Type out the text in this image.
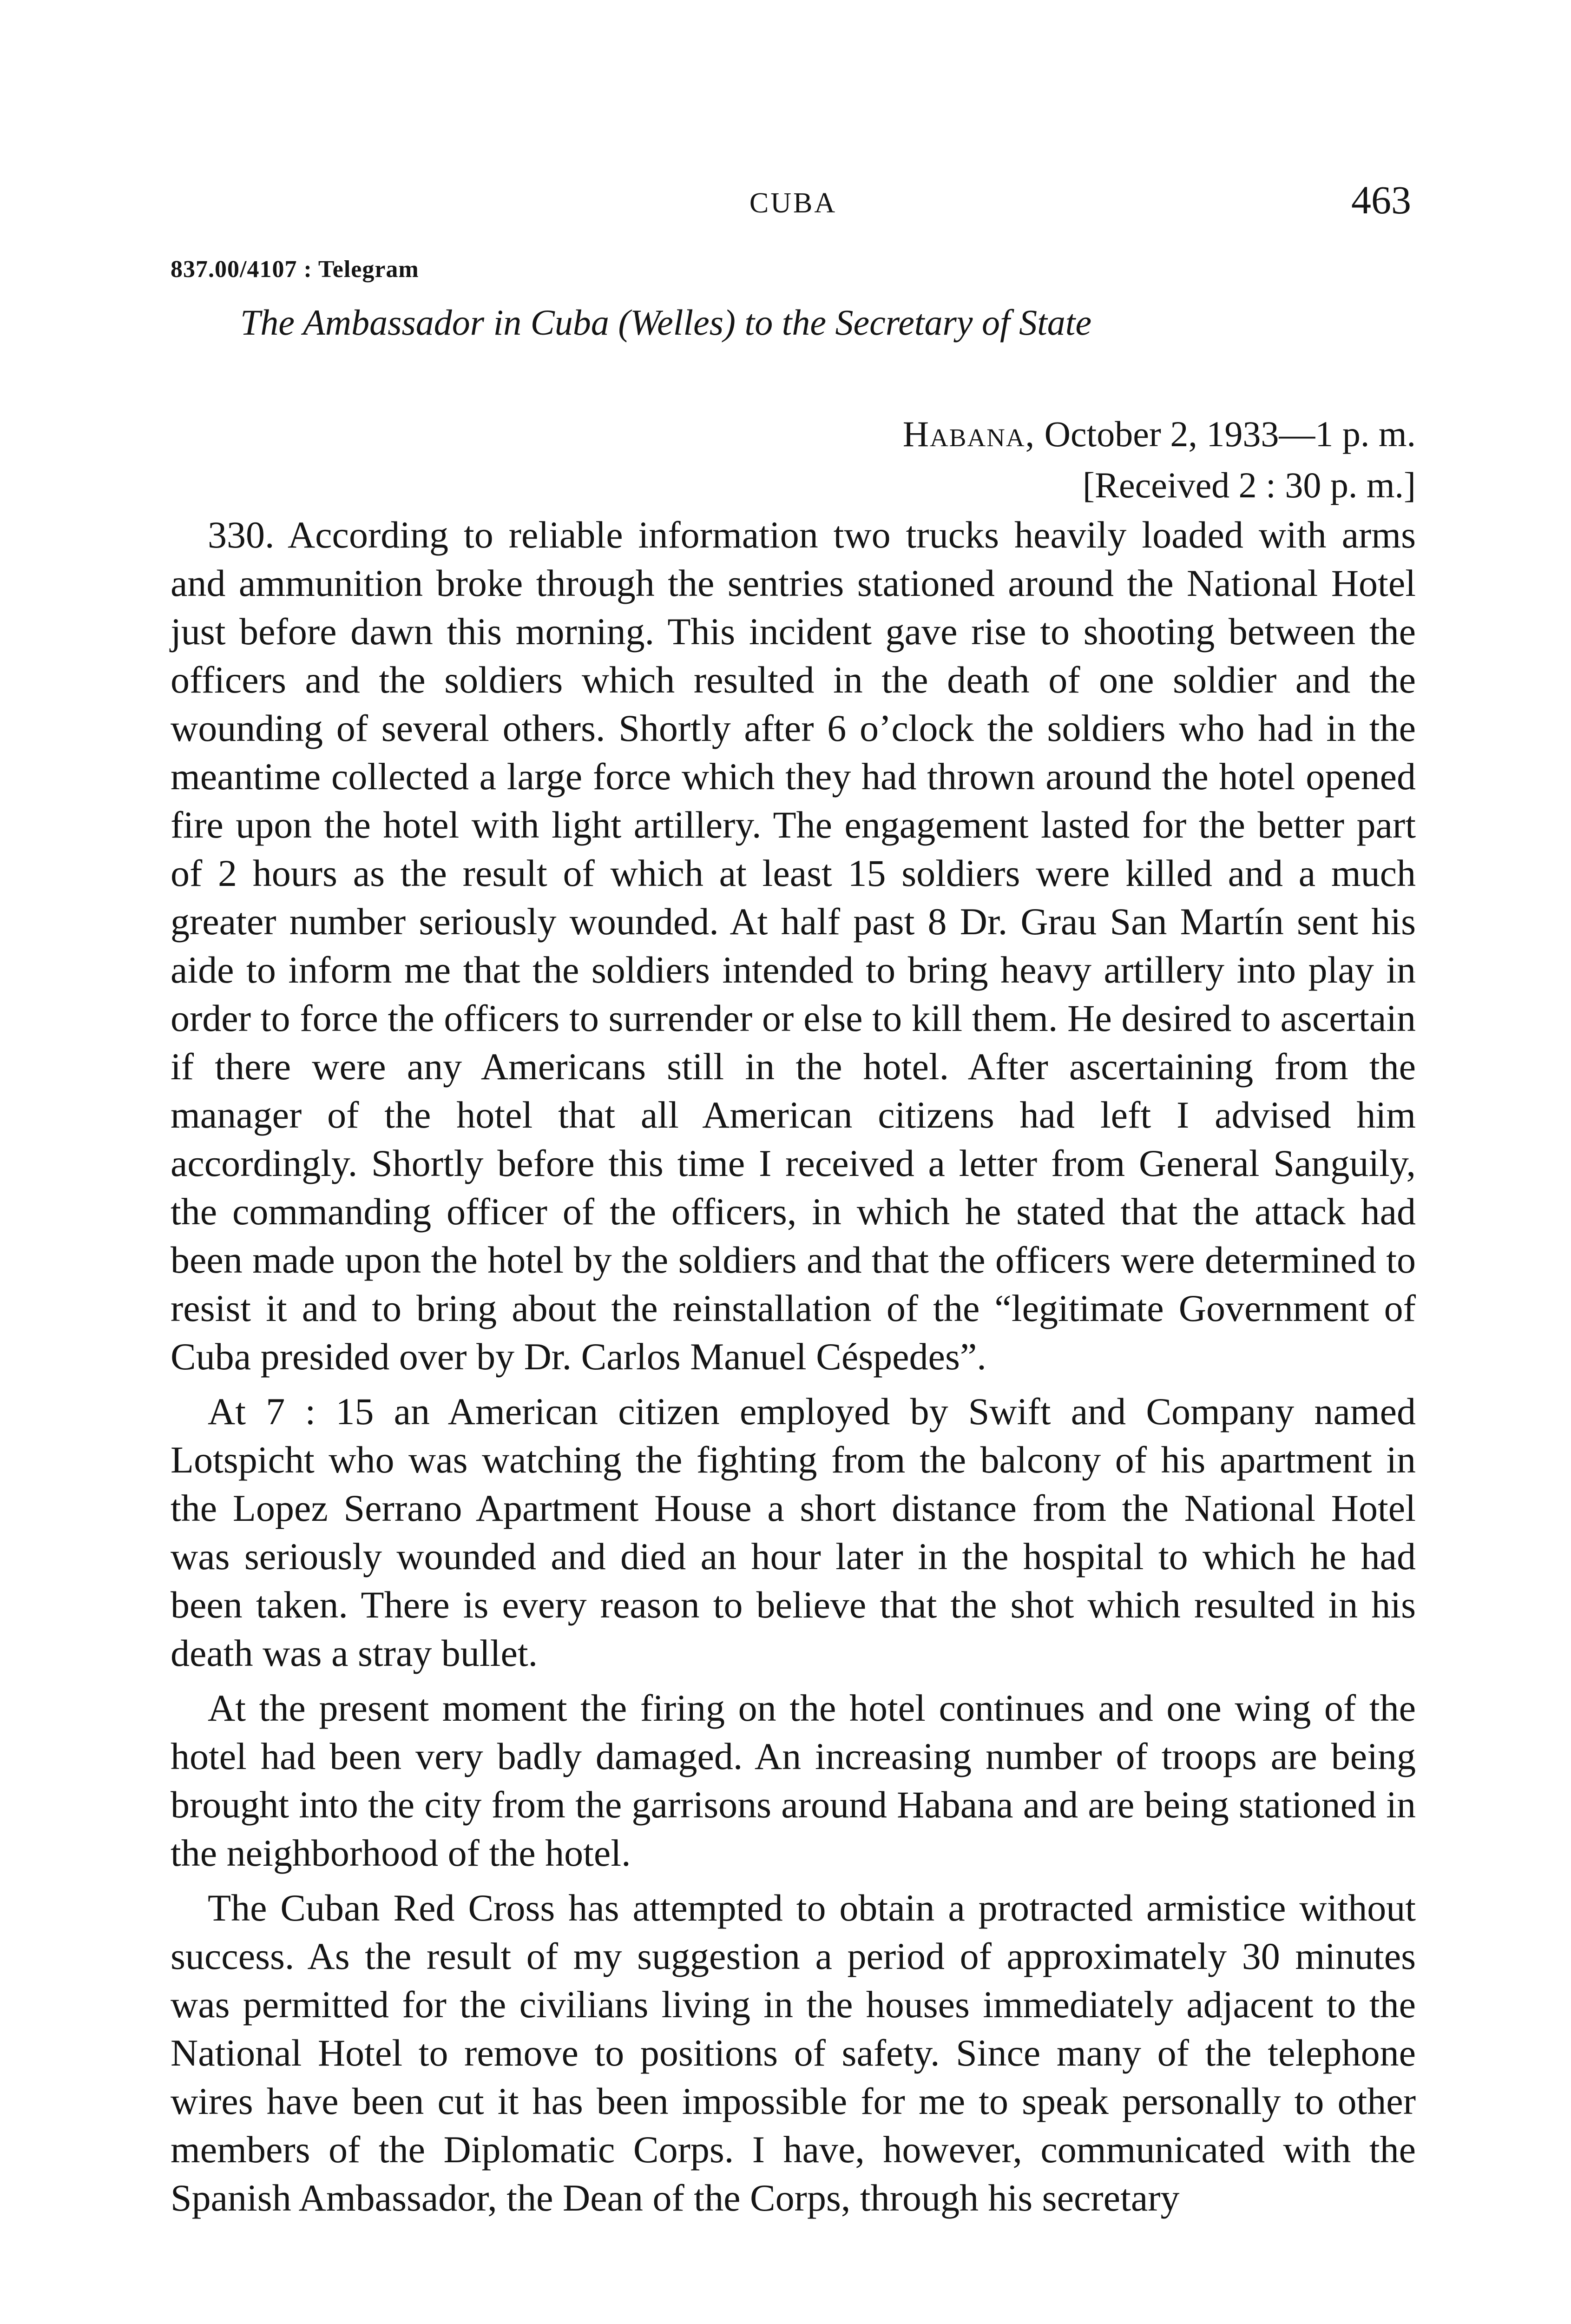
CUBA	463
837.00/4107 : Telegram
The Ambassador in Cuba (Welles) to the Secretary of State
Habana, October 2, 1933—1 p. m.
[Received 2 : 30 p. m.]

330. According to reliable information two trucks heavily loaded with arms and ammunition broke through the sentries stationed around the National Hotel just before dawn this morning. This incident gave rise to shooting between the officers and the soldiers which resulted in the death of one soldier and the wounding of several others. Shortly after 6 o’clock the soldiers who had in the meantime collected a large force which they had thrown around the hotel opened fire upon the hotel with light artillery. The engagement lasted for the better part of 2 hours as the result of which at least 15 soldiers were killed and a much greater number seriously wounded. At half past 8 Dr. Grau San Martín sent his aide to inform me that the soldiers intended to bring heavy artillery into play in order to force the officers to surrender or else to kill them. He desired to ascertain if there were any Americans still in the hotel. After ascertaining from the manager of the hotel that all American citizens had left I advised him accordingly. Shortly before this time I received a letter from General Sanguily, the commanding officer of the officers, in which he stated that the attack had been made upon the hotel by the soldiers and that the officers were determined to resist it and to bring about the reinstallation of the “legitimate Government of Cuba presided over by Dr. Carlos Manuel Céspedes”.

At 7 : 15 an American citizen employed by Swift and Company named Lotspicht who was watching the fighting from the balcony of his apartment in the Lopez Serrano Apartment House a short distance from the National Hotel was seriously wounded and died an hour later in the hospital to which he had been taken. There is every reason to believe that the shot which resulted in his death was a stray bullet.

At the present moment the firing on the hotel continues and one wing of the hotel had been very badly damaged. An increasing number of troops are being brought into the city from the garrisons around Habana and are being stationed in the neighborhood of the hotel.

The Cuban Red Cross has attempted to obtain a protracted armistice without success. As the result of my suggestion a period of approximately 30 minutes was permitted for the civilians living in the houses immediately adjacent to the National Hotel to remove to positions of safety. Since many of the telephone wires have been cut it has been impossible for me to speak personally to other members of the Diplomatic Corps. I have, however, communicated with the Spanish Ambassador, the Dean of the Corps, through his secretary
